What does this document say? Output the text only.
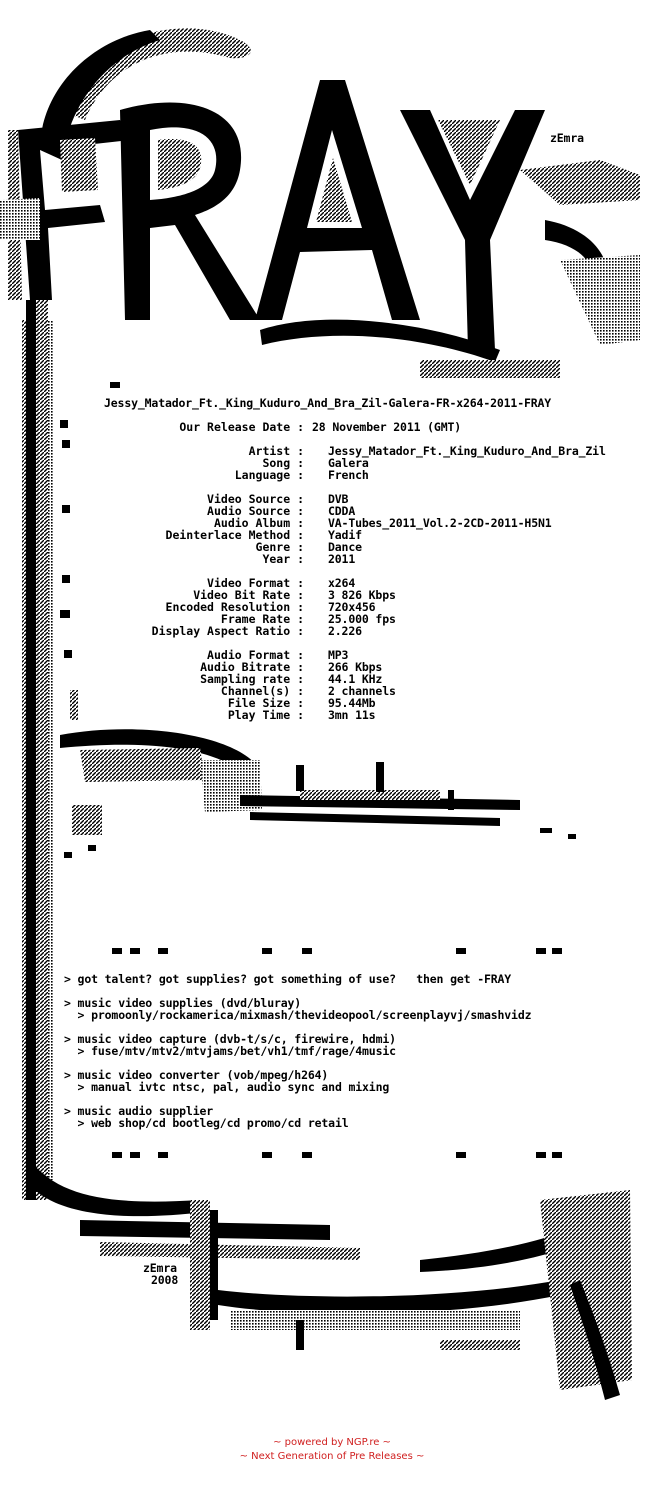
Jessy_Matador_Ft._King_Kuduro_And_Bra_Zil-Galera-FR-x264-2011-FRAY
Our Release Date : 28 November 2011 (GMT)
Artist : Jessy_Matador_Ft._King_Kuduro_And_Bra_Zil
Song : Galera
Language : French
Video Source : DVB
Audio Source : CDDA
Audio Album : VA-Tubes_2011_Vol.2-2CD-2011-H5N1
Deinterlace Method : Yadif
Genre : Dance
Year : 2011
Video Format : x264
Video Bit Rate : 3 826 Kbps
Encoded Resolution : 720x456
Frame Rate : 25.000 fps
Display Aspect Ratio : 2.226
Audio Format : MP3
Audio Bitrate : 266 Kbps
Sampling rate : 44.1 KHz
Channel(s) : 2 channels
File Size : 95.44Mb
Play Time : 3mn 11s
> got talent? got supplies? got something of use?   then get -FRAY
> music video supplies (dvd/bluray)
> promoonly/rockamerica/mixmash/thevideopool/screenplayvj/smashvidz
> music video capture (dvb-t/s/c, firewire, hdmi)
> fuse/mtv/mtv2/mtvjams/bet/vh1/tmf/rage/4music
> music video converter (vob/mpeg/h264)
> manual ivtc ntsc, pal, audio sync and mixing
> music audio supplier
> web shop/cd bootleg/cd promo/cd retail
zEmra
zEmra
2008
~ powered by NGP.re ~
~ Next Generation of Pre Releases ~
